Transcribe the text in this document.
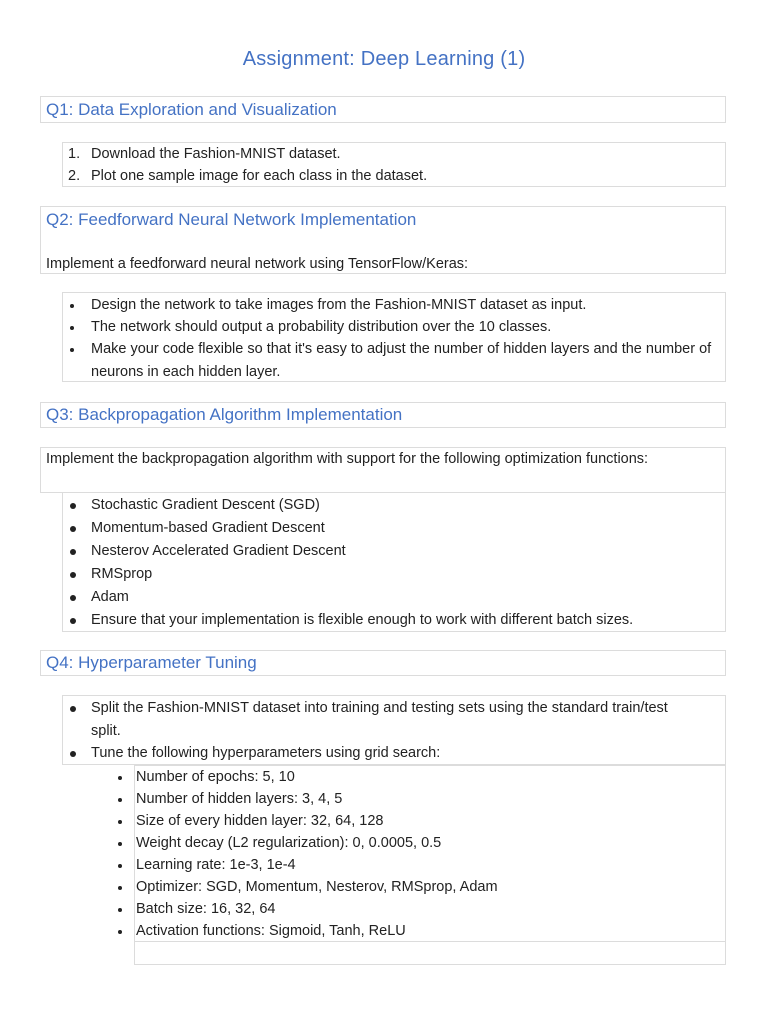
Assignment: Deep Learning (1)
Q1: Data Exploration and Visualization
1. Download the Fashion-MNIST dataset.
2. Plot one sample image for each class in the dataset.
Q2: Feedforward Neural Network Implementation
Implement a feedforward neural network using TensorFlow/Keras:
Design the network to take images from the Fashion-MNIST dataset as input.
The network should output a probability distribution over the 10 classes.
Make your code flexible so that it's easy to adjust the number of hidden layers and the number of neurons in each hidden layer.
Q3: Backpropagation Algorithm Implementation
Implement the backpropagation algorithm with support for the following optimization functions:
Stochastic Gradient Descent (SGD)
Momentum-based Gradient Descent
Nesterov Accelerated Gradient Descent
RMSprop
Adam
Ensure that your implementation is flexible enough to work with different batch sizes.
Q4: Hyperparameter Tuning
Split the Fashion-MNIST dataset into training and testing sets using the standard train/test split.
Tune the following hyperparameters using grid search:
Number of epochs: 5, 10
Number of hidden layers: 3, 4, 5
Size of every hidden layer: 32, 64, 128
Weight decay (L2 regularization): 0, 0.0005, 0.5
Learning rate: 1e-3, 1e-4
Optimizer: SGD, Momentum, Nesterov, RMSprop, Adam
Batch size: 16, 32, 64
Activation functions: Sigmoid, Tanh, ReLU
